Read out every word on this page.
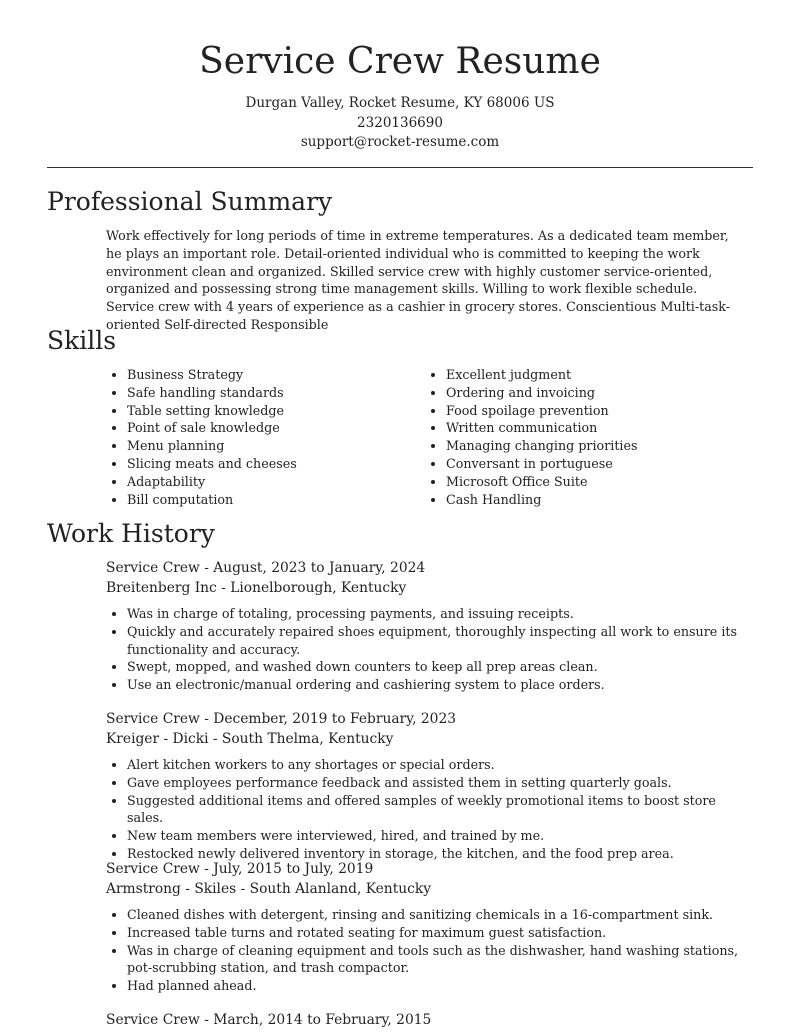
Service Crew Resume
Durgan Valley, Rocket Resume, KY 68006 US
2320136690
support@rocket-resume.com
Professional Summary

Work effectively for long periods of time in extreme temperatures. As a dedicated team member, he plays an important role. Detail-oriented individual who is committed to keeping the work environment clean and organized. Skilled service crew with highly customer service-oriented, organized and possessing strong time management skills. Willing to work flexible schedule. Service crew with 4 years of experience as a cashier in grocery stores. Conscientious Multi-task-oriented Self-directed Responsible

Skills
• Business Strategy
• Safe handling standards
• Table setting knowledge
• Point of sale knowledge
• Menu planning
• Slicing meats and cheeses
• Adaptability
• Bill computation
• Excellent judgment
• Ordering and invoicing
• Food spoilage prevention
• Written communication
• Managing changing priorities
• Conversant in portuguese
• Microsoft Office Suite
• Cash Handling
Work History
Service Crew - August, 2023 to January, 2024
Breitenberg Inc - Lionelborough, Kentucky
• Was in charge of totaling, processing payments, and issuing receipts.
• Quickly and accurately repaired shoes equipment, thoroughly inspecting all work to ensure its functionality and accuracy.
• Swept, mopped, and washed down counters to keep all prep areas clean.
• Use an electronic/manual ordering and cashiering system to place orders.
Service Crew - December, 2019 to February, 2023
Kreiger - Dicki - South Thelma, Kentucky
• Alert kitchen workers to any shortages or special orders.
• Gave employees performance feedback and assisted them in setting quarterly goals.
• Suggested additional items and offered samples of weekly promotional items to boost store sales.
• New team members were interviewed, hired, and trained by me.
• Restocked newly delivered inventory in storage, the kitchen, and the food prep area.
Service Crew - July, 2015 to July, 2019
Armstrong - Skiles - South Alanland, Kentucky
• Cleaned dishes with detergent, rinsing and sanitizing chemicals in a 16-compartment sink.
• Increased table turns and rotated seating for maximum guest satisfaction.
• Was in charge of cleaning equipment and tools such as the dishwasher, hand washing stations, pot-scrubbing station, and trash compactor.
• Had planned ahead.
Service Crew - March, 2014 to February, 2015
